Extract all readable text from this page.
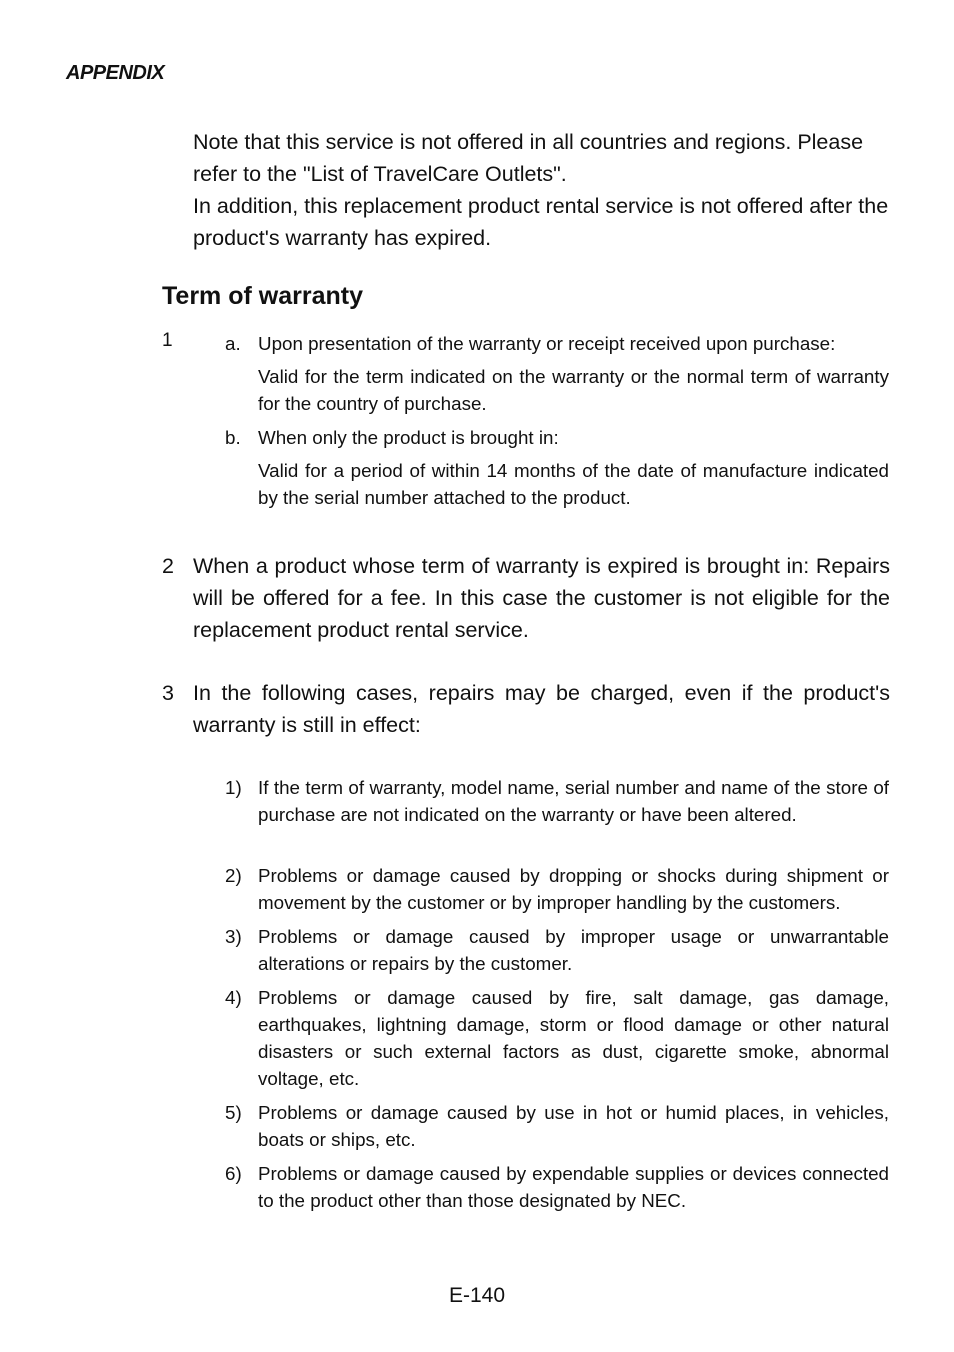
APPENDIX

Note that this service is not offered in all countries and regions. Please refer to the "List of TravelCare Outlets".

In addition, this replacement product rental service is not offered after the product's warranty has expired.

Term of warranty
1	a. Upon presentation of the warranty or receipt received upon purchase:
Valid for the term indicated on the warranty or the normal term of warranty for the country of purchase.
b. When only the product is brought in:
Valid for a period of within 14 months of the date of manufacture indicated by the serial number attached to the product.
2 When a product whose term of warranty is expired is brought in: Repairs will be offered for a fee. In this case the customer is not eligible for the replacement product rental service.
3 In the following cases, repairs may be charged, even if the product's warranty is still in effect:
1) If the term of warranty, model name, serial number and name of the store of purchase are not indicated on the warranty or have been altered.
2) Problems or damage caused by dropping or shocks during shipment or movement by the customer or by improper handling by the customers.
3) Problems or damage caused by improper usage or unwarrantable alterations or repairs by the customer.
4) Problems or damage caused by fire, salt damage, gas damage, earthquakes, lightning damage, storm or flood damage or other natural disasters or such external factors as dust, cigarette smoke, abnormal voltage, etc.
5) Problems or damage caused by use in hot or humid places, in vehicles, boats or ships, etc.
6) Problems or damage caused by expendable supplies or devices connected to the product other than those designated by NEC.
E-140
